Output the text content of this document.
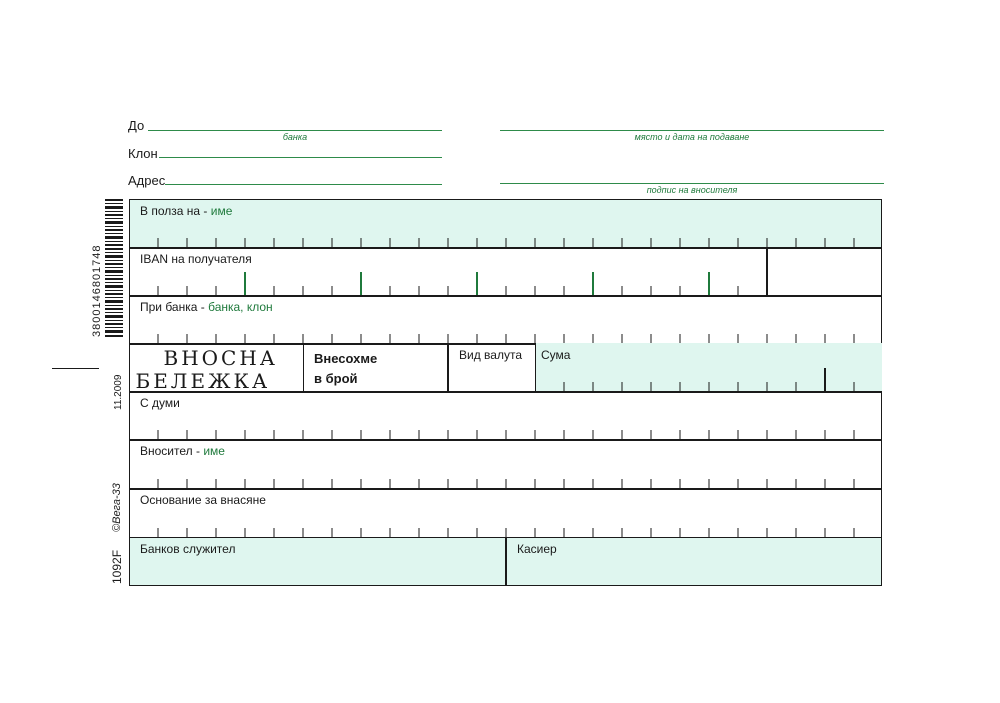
До
банка
Клон
Адрес
място и дата на подаване
подпис на вносителя
3800146801748
11.2009
©Вега-33
1092F
В полза на - име
IBAN на получателя
При банка - банка, клон
ВНОСНА
БЕЛЕЖКА
Внесохме
в брой
Вид валута Сума
С думи
Вносител - име
Основание за внасяне
Банков служител	Касиер
